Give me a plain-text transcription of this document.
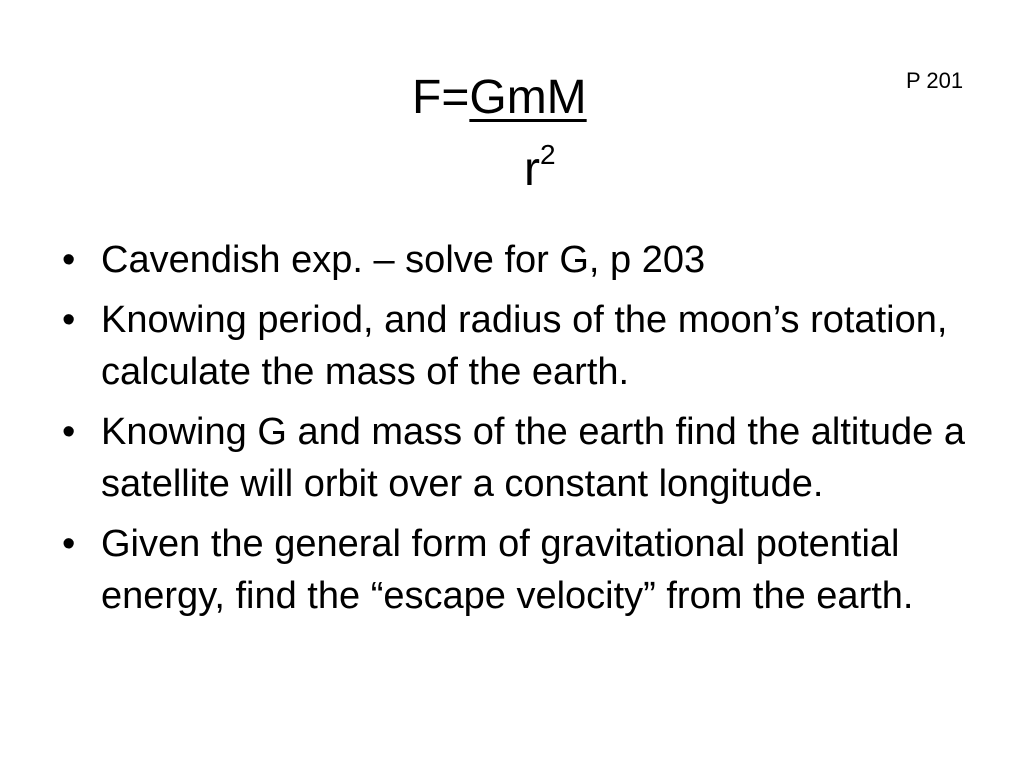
P 201
F=GmM
$r^2$
• Cavendish exp. – solve for G, p 203
• Knowing period, and radius of the moon’s rotation, calculate the mass of the earth.
• Knowing G and mass of the earth find the altitude a satellite will orbit over a constant longitude.
• Given the general form of gravitational potential energy, find the “escape velocity” from the earth.
